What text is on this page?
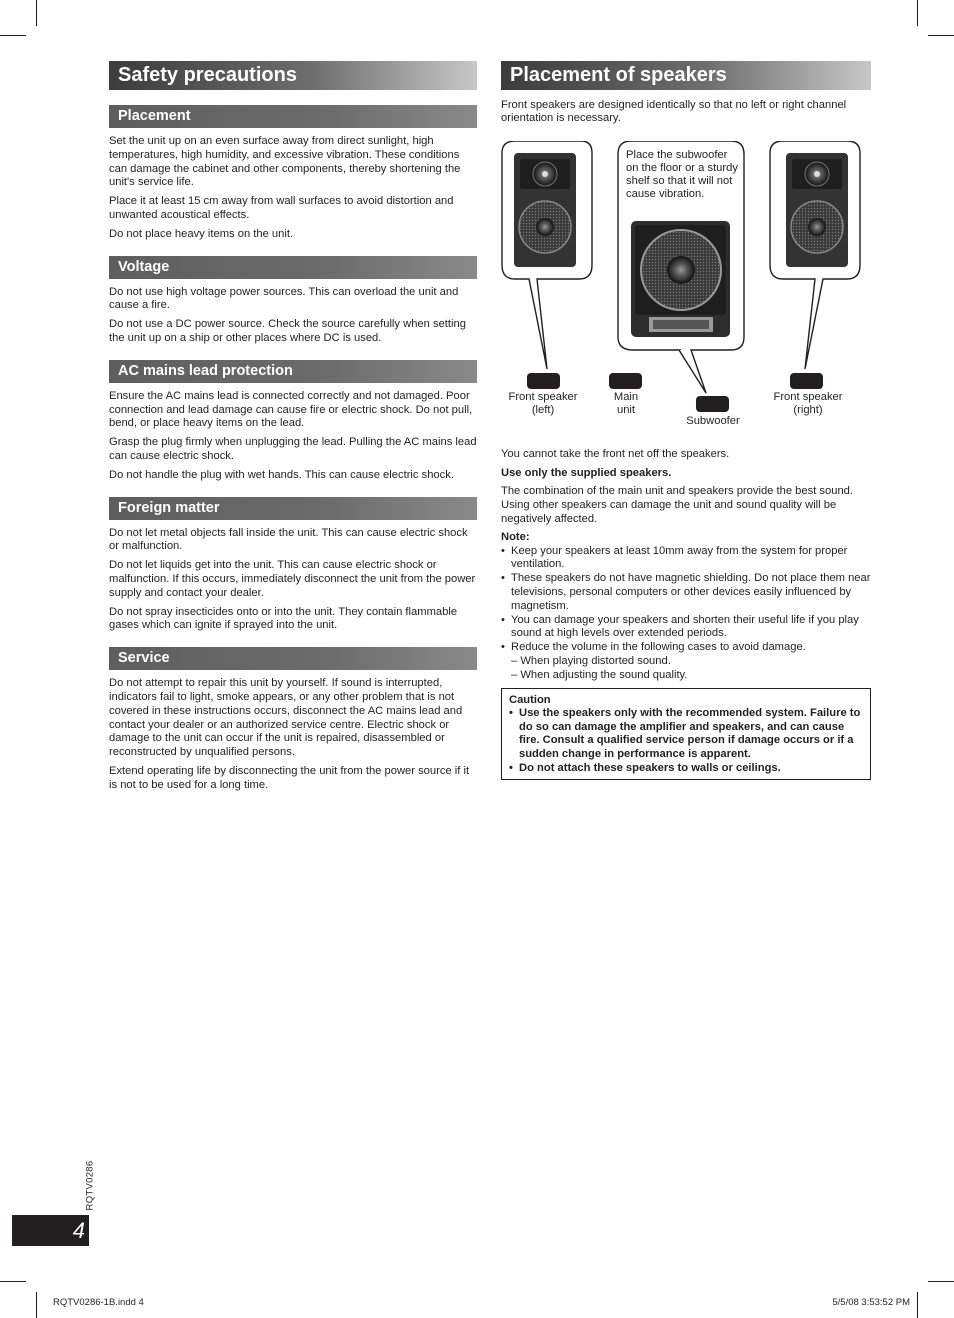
Safety precautions
Placement

Set the unit up on an even surface away from direct sunlight, high temperatures, high humidity, and excessive vibration. These conditions can damage the cabinet and other components, thereby shortening the unit's service life.

Place it at least 15 cm away from wall surfaces to avoid distortion and unwanted acoustical effects.

Do not place heavy items on the unit.

Voltage

Do not use high voltage power sources. This can overload the unit and cause a fire.

Do not use a DC power source. Check the source carefully when setting the unit up on a ship or other places where DC is used.

AC mains lead protection

Ensure the AC mains lead is connected correctly and not damaged. Poor connection and lead damage can cause fire or electric shock. Do not pull, bend, or place heavy items on the lead.

Grasp the plug firmly when unplugging the lead. Pulling the AC mains lead can cause electric shock.

Do not handle the plug with wet hands. This can cause electric shock.

Foreign matter

Do not let metal objects fall inside the unit. This can cause electric shock or malfunction.

Do not let liquids get into the unit. This can cause electric shock or malfunction. If this occurs, immediately disconnect the unit from the power supply and contact your dealer.

Do not spray insecticides onto or into the unit. They contain flammable gases which can ignite if sprayed into the unit.

Service

Do not attempt to repair this unit by yourself. If sound is interrupted, indicators fail to light, smoke appears, or any other problem that is not covered in these instructions occurs, disconnect the AC mains lead and contact your dealer or an authorized service centre. Electric shock or damage to the unit can occur if the unit is repaired, disassembled or reconstructed by unqualified persons.

Extend operating life by disconnecting the unit from the power source if it is not to be used for a long time.

Placement of speakers

Front speakers are designed identically so that no left or right channel orientation is necessary.

Place the subwoofer on the floor or a sturdy shelf so that it will not cause vibration.
Front speaker (left)
Main unit
Subwoofer
Front speaker (right)

You cannot take the front net off the speakers.

Use only the supplied speakers.

The combination of the main unit and speakers provide the best sound. Using other speakers can damage the unit and sound quality will be negatively affected.

Note:

• Keep your speakers at least 10mm away from the system for proper ventilation.
• These speakers do not have magnetic shielding. Do not place them near televisions, personal computers or other devices easily influenced by magnetism.
• You can damage your speakers and shorten their useful life if you play sound at high levels over extended periods.
• Reduce the volume in the following cases to avoid damage.

– When playing distorted sound.

– When adjusting the sound quality.

Caution

• Use the speakers only with the recommended system. Failure to do so can damage the amplifier and speakers, and can cause fire. Consult a qualified service person if damage occurs or if a sudden change in performance is apparent.
• Do not attach these speakers to walls or ceilings.
RQTV0286
4
RQTV0286-1B.indd 4	5/5/08 3:53:52 PM
